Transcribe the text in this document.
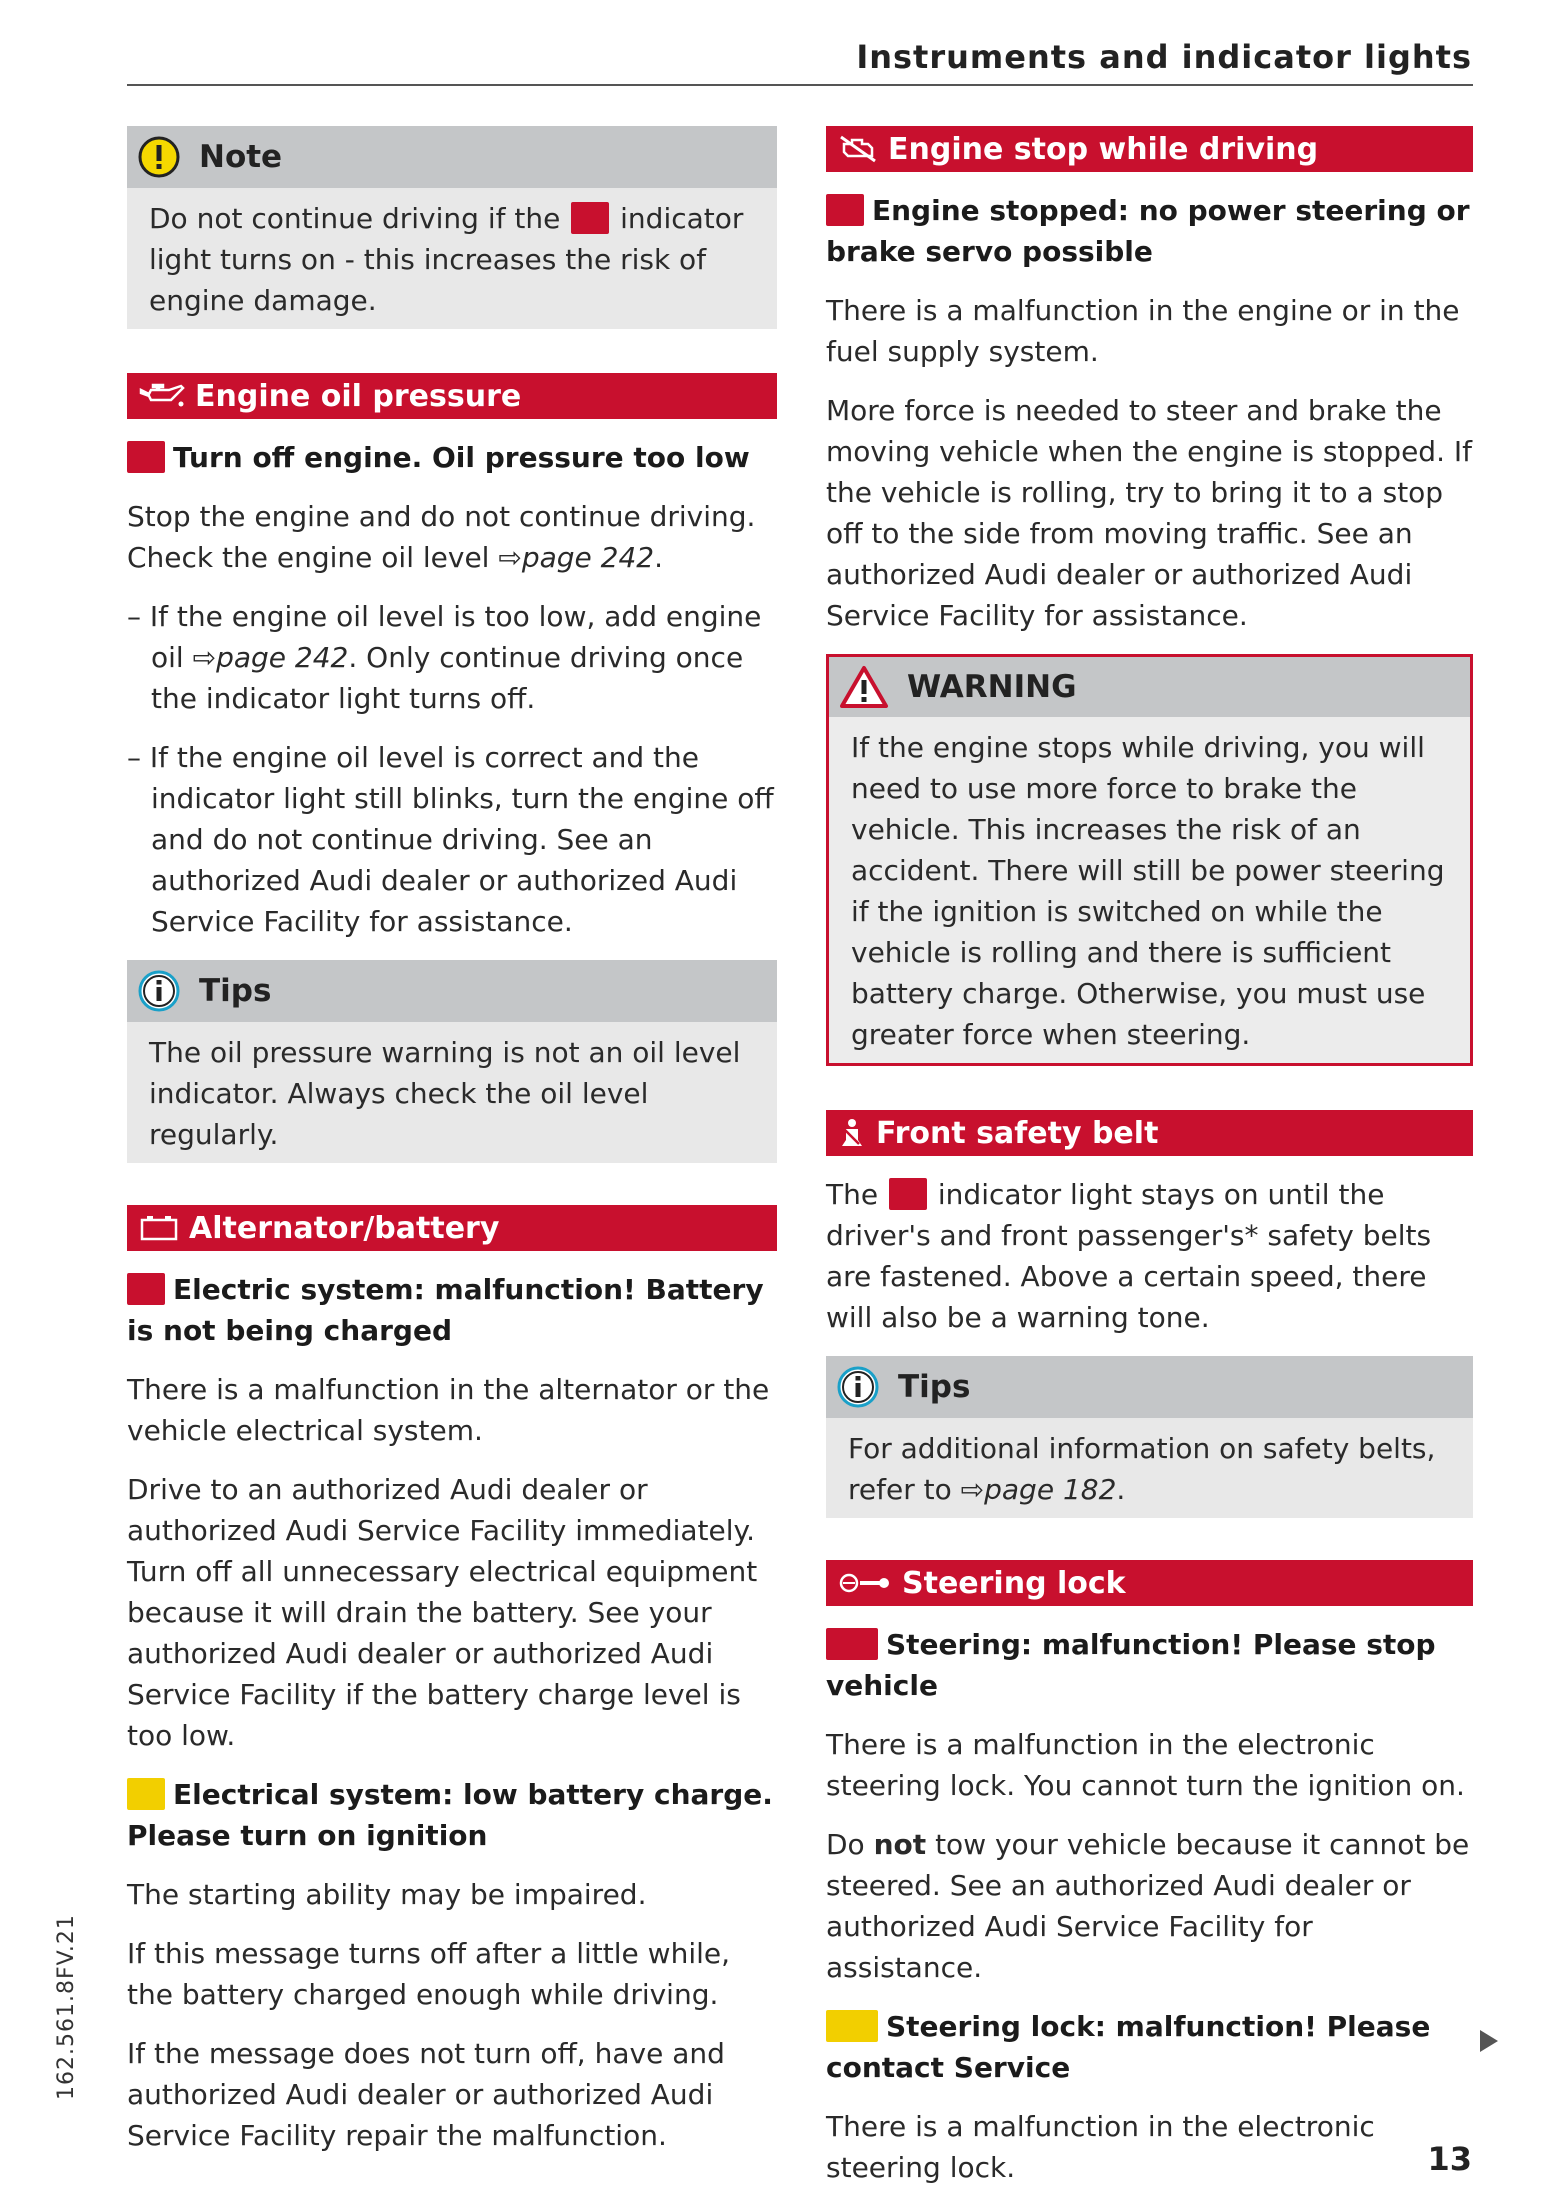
Instruments and indicator lights
Note

Do not continue driving if the indicator light turns on - this increases the risk of engine damage.

Engine oil pressure
Turn off engine. Oil pressure too low

Stop the engine and do not continue driving. Check the engine oil level ⇨page 242.

– If the engine oil level is too low, add engine oil ⇨page 242. Only continue driving once the indicator light turns off.
– If the engine oil level is correct and the indicator light still blinks, turn the engine off and do not continue driving. See an authorized Audi dealer or authorized Audi Service Facility for assistance.
Tips

The oil pressure warning is not an oil level indicator. Always check the oil level regularly.

Alternator/battery
Electric system: malfunction! Battery is not being charged

There is a malfunction in the alternator or the vehicle electrical system.

Drive to an authorized Audi dealer or authorized Audi Service Facility immediately. Turn off all unnecessary electrical equipment because it will drain the battery. See your authorized Audi dealer or authorized Audi Service Facility if the battery charge level is too low.

Electrical system: low battery charge. Please turn on ignition

The starting ability may be impaired.

If this message turns off after a little while, the battery charged enough while driving.

If the message does not turn off, have and authorized Audi dealer or authorized Audi Service Facility repair the malfunction.

Engine stop while driving
Engine stopped: no power steering or brake servo possible

There is a malfunction in the engine or in the fuel supply system.

More force is needed to steer and brake the moving vehicle when the engine is stopped. If the vehicle is rolling, try to bring it to a stop off to the side from moving traffic. See an authorized Audi dealer or authorized Audi Service Facility for assistance.

WARNING

If the engine stops while driving, you will need to use more force to brake the vehicle. This increases the risk of an accident. There will still be power steering if the ignition is switched on while the vehicle is rolling and there is sufficient battery charge. Otherwise, you must use greater force when steering.

Front safety belt

The indicator light stays on until the driver's and front passenger's* safety belts are fastened. Above a certain speed, there will also be a warning tone.

Tips

For additional information on safety belts, refer to ⇨page 182.

Steering lock
Steering: malfunction! Please stop vehicle

There is a malfunction in the electronic steering lock. You cannot turn the ignition on.

Do not tow your vehicle because it cannot be steered. See an authorized Audi dealer or authorized Audi Service Facility for assistance.

Steering lock: malfunction! Please contact Service

There is a malfunction in the electronic steering lock.

162.561.8FV.21
13
